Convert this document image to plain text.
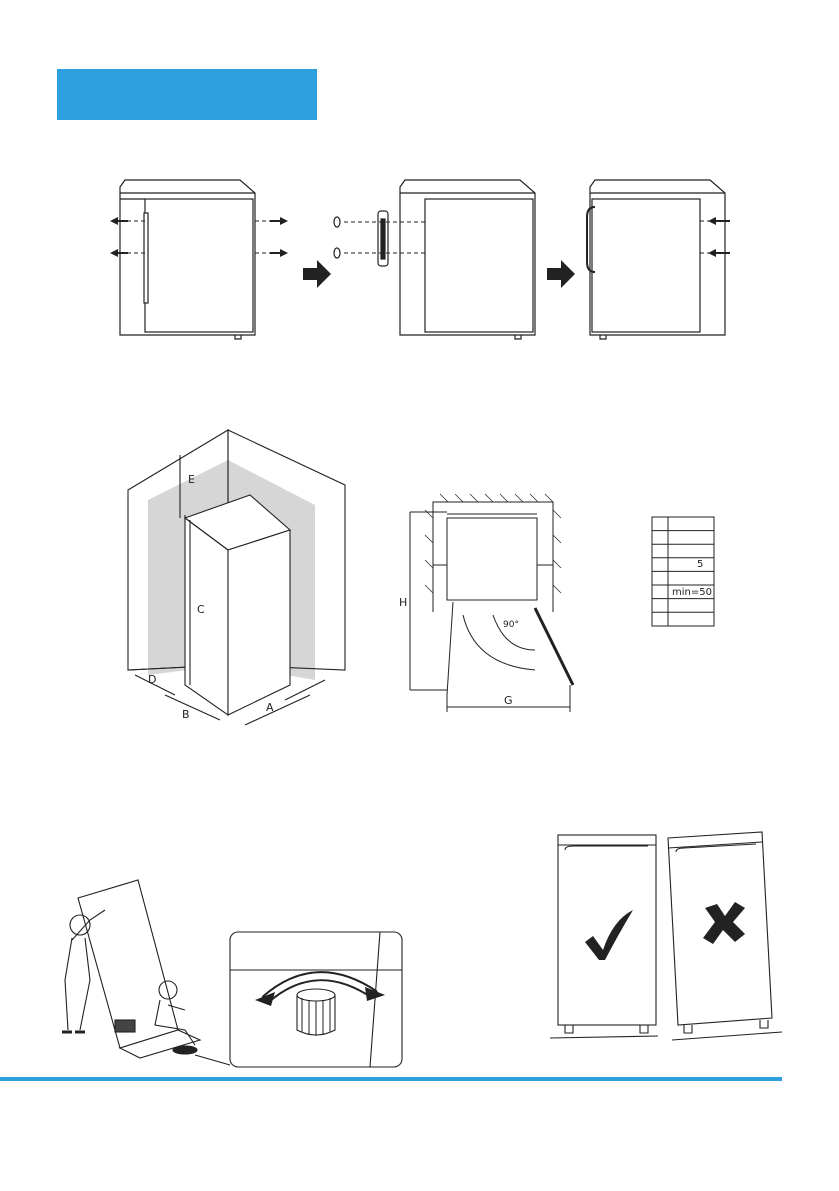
E
C
D
B
A
H
G
90°
5
min=50
